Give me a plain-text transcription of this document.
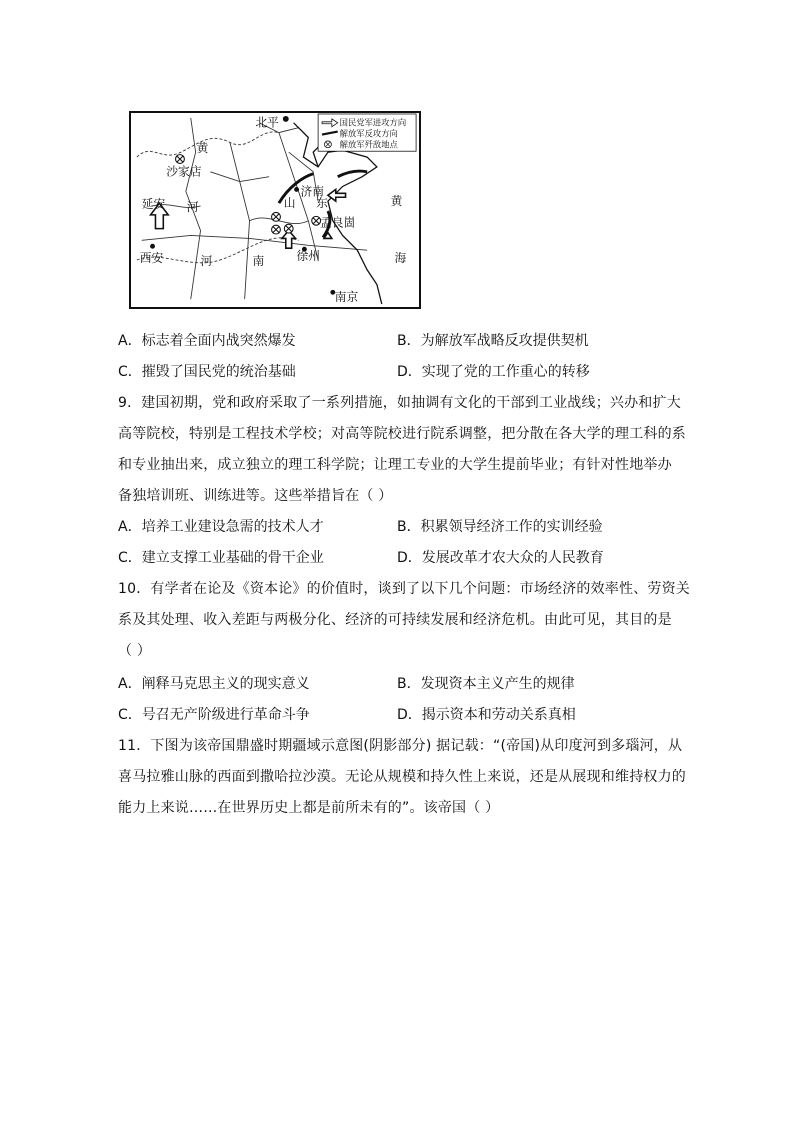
国民党军进攻方向
解放军反攻方向
解放军歼敌地点
北平
沙家店
延安
济南
孟良崮
徐州
西安
南京
黄
河	山 东
河	南
黄
海
A．标志着全面内战突然爆发	B．为解放军战略反攻提供契机
C．摧毁了国民党的统治基础	D．实现了党的工作重心的转移
9．建国初期，党和政府采取了一系列措施，如抽调有文化的干部到工业战线；兴办和扩大
高等院校，特别是工程技术学校；对高等院校进行院系调整，把分散在各大学的理工科的系
和专业抽出来，成立独立的理工科学院；让理工专业的大学生提前毕业；有针对性地举办
备独培训班、训练进等。这些举措旨在（ ）
A．培养工业建设急需的技术人才	B．积累领导经济工作的实训经验
C．建立支撑工业基础的骨干企业	D．发展改革才农大众的人民教育
10．有学者在论及《资本论》的价值时，谈到了以下几个问题：市场经济的效率性、劳资关
系及其处理、收入差距与两极分化、经济的可持续发展和经济危机。由此可见，其目的是
（ ）
A．阐释马克思主义的现实意义	B．发现资本主义产生的规律
C．号召无产阶级进行革命斗争	D．揭示资本和劳动关系真相
11．下图为该帝国鼎盛时期疆域示意图(阴影部分) 据记载：“(帝国)从印度河到多瑙河，从
喜马拉雅山脉的西面到撒哈拉沙漠。无论从规模和持久性上来说，还是从展现和维持权力的
能力上来说……在世界历史上都是前所未有的”。该帝国（ ）
